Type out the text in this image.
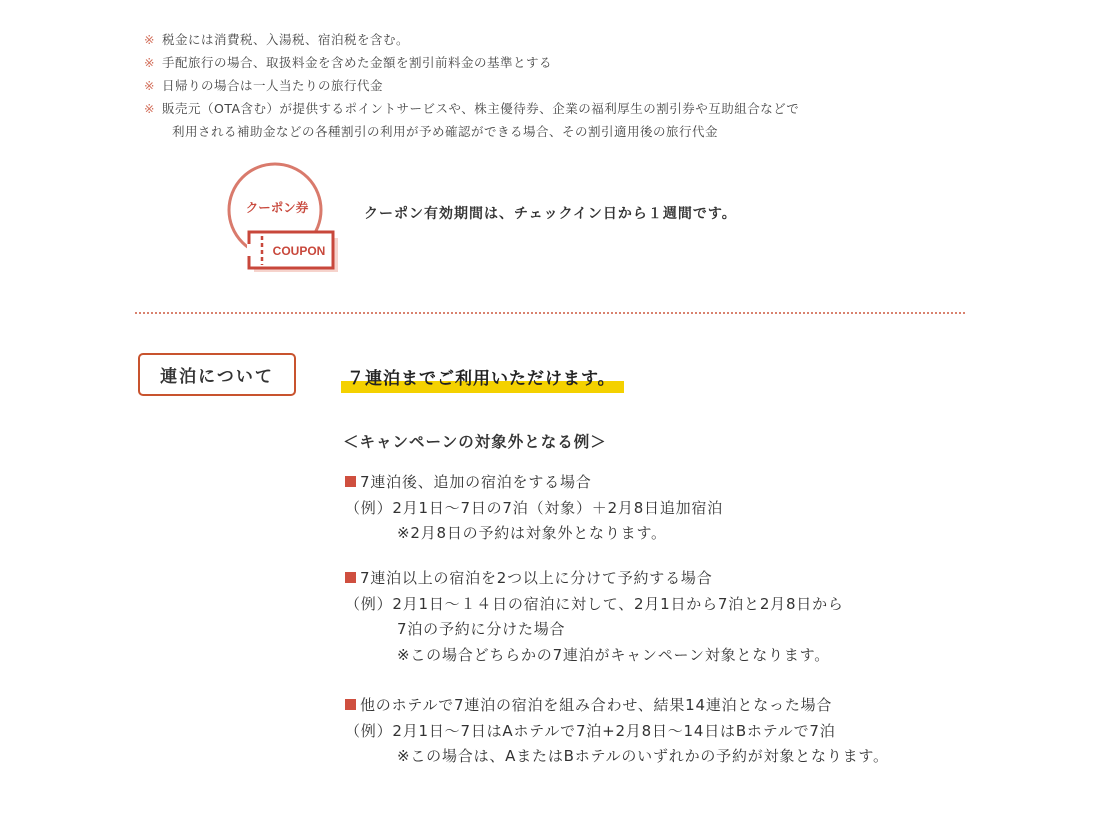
※ 税金には消費税、入湯税、宿泊税を含む。
※ 手配旅行の場合、取扱料金を含めた金額を割引前料金の基準とする
※ 日帰りの場合は一人当たりの旅行代金
※ 販売元（OTA含む）が提供するポイントサービスや、株主優待券、企業の福利厚生の割引券や互助組合などで
利用される補助金などの各種割引の利用が予め確認ができる場合、その割引適用後の旅行代金
クーポン券
COUPON
クーポン有効期間は、チェックイン日から１週間です。
連泊について	７連泊までご利用いただけます。
＜キャンペーンの対象外となる例＞
7連泊後、追加の宿泊をする場合
（例）2月1日〜7日の7泊（対象）＋2月8日追加宿泊
※2月8日の予約は対象外となります。
7連泊以上の宿泊を2つ以上に分けて予約する場合
（例）2月1日〜１４日の宿泊に対して、2月1日から7泊と2月8日から
7泊の予約に分けた場合
※この場合どちらかの7連泊がキャンペーン対象となります。
他のホテルで7連泊の宿泊を組み合わせ、結果14連泊となった場合
（例）2月1日〜7日はAホテルで7泊+2月8日〜14日はBホテルで7泊
※この場合は、AまたはBホテルのいずれかの予約が対象となります。
